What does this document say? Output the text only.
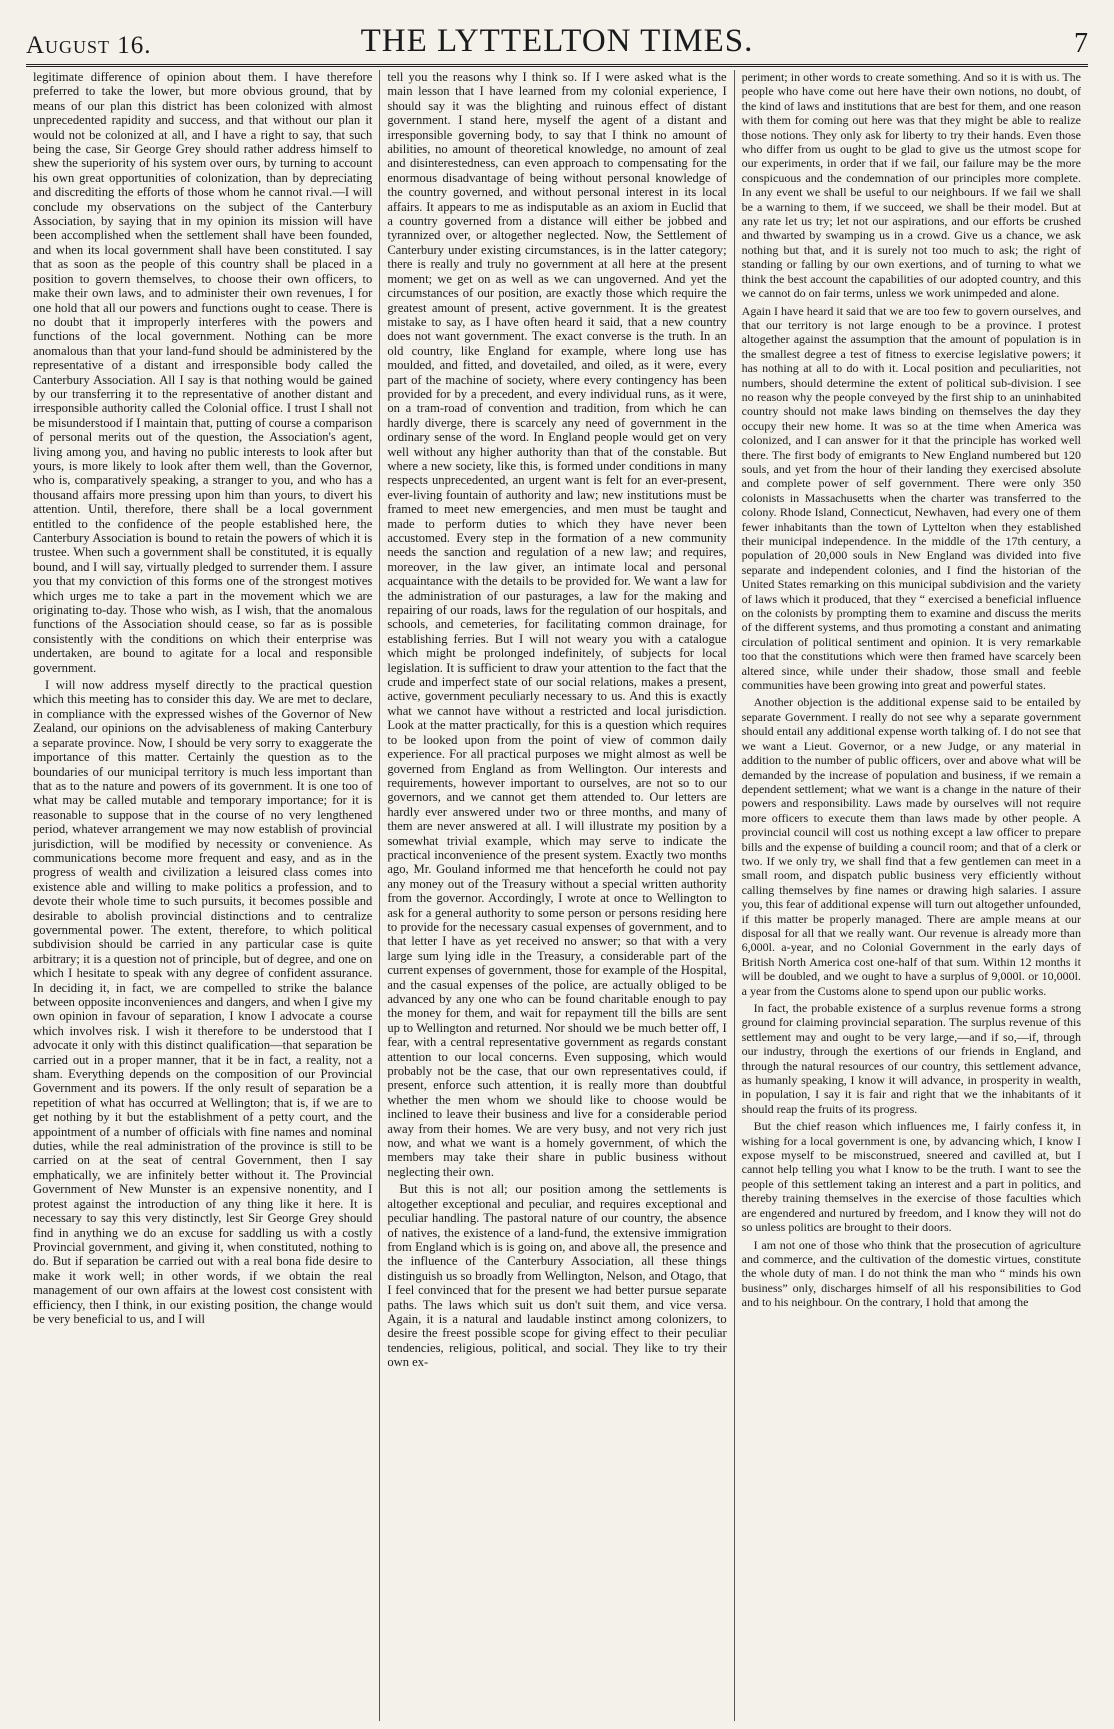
August 16.	THE LYTTELTON TIMES.	7

legitimate difference of opinion about them. I have therefore preferred to take the lower, but more obvious ground, that by means of our plan this district has been colonized with almost unprecedented rapidity and success, and that without our plan it would not be colonized at all, and I have a right to say, that such being the case, Sir George Grey should rather address himself to shew the superiority of his system over ours, by turning to account his own great opportunities of colonization, than by depreciating and discrediting the efforts of those whom he cannot rival.—I will conclude my observations on the subject of the Canterbury Association, by saying that in my opinion its mission will have been accomplished when the settlement shall have been founded, and when its local government shall have been constituted. I say that as soon as the people of this country shall be placed in a position to govern themselves, to choose their own officers, to make their own laws, and to administer their own revenues, I for one hold that all our powers and functions ought to cease. There is no doubt that it improperly interferes with the powers and functions of the local government. Nothing can be more anomalous than that your land-fund should be administered by the representative of a distant and irresponsible body called the Canterbury Association. All I say is that nothing would be gained by our transferring it to the representative of another distant and irresponsible authority called the Colonial office. I trust I shall not be misunderstood if I maintain that, putting of course a comparison of personal merits out of the question, the Association's agent, living among you, and having no public interests to look after but yours, is more likely to look after them well, than the Governor, who is, comparatively speaking, a stranger to you, and who has a thousand affairs more pressing upon him than yours, to divert his attention. Until, therefore, there shall be a local government entitled to the confidence of the people established here, the Canterbury Association is bound to retain the powers of which it is trustee. When such a government shall be constituted, it is equally bound, and I will say, virtually pledged to surrender them. I assure you that my conviction of this forms one of the strongest motives which urges me to take a part in the movement which we are originating to-day. Those who wish, as I wish, that the anomalous functions of the Association should cease, so far as is possible consistently with the conditions on which their enterprise was undertaken, are bound to agitate for a local and responsible government.

I will now address myself directly to the practical question which this meeting has to consider this day. We are met to declare, in compliance with the expressed wishes of the Governor of New Zealand, our opinions on the advisableness of making Canterbury a separate province. Now, I should be very sorry to exaggerate the importance of this matter. Certainly the question as to the boundaries of our municipal territory is much less important than that as to the nature and powers of its government. It is one too of what may be called mutable and temporary importance; for it is reasonable to suppose that in the course of no very lengthened period, whatever arrangement we may now establish of provincial jurisdiction, will be modified by necessity or convenience. As communications become more frequent and easy, and as in the progress of wealth and civilization a leisured class comes into existence able and willing to make politics a profession, and to devote their whole time to such pursuits, it becomes possible and desirable to abolish provincial distinctions and to centralize governmental power. The extent, therefore, to which political subdivision should be carried in any particular case is quite arbitrary; it is a question not of principle, but of degree, and one on which I hesitate to speak with any degree of confident assurance. In deciding it, in fact, we are compelled to strike the balance between opposite inconveniences and dangers, and when I give my own opinion in favour of separation, I know I advocate a course which involves risk. I wish it therefore to be understood that I advocate it only with this distinct qualification—that separation be carried out in a proper manner, that it be in fact, a reality, not a sham. Everything depends on the composition of our Provincial Government and its powers. If the only result of separation be a repetition of what has occurred at Wellington; that is, if we are to get nothing by it but the establishment of a petty court, and the appointment of a number of officials with fine names and nominal duties, while the real administration of the province is still to be carried on at the seat of central Government, then I say emphatically, we are infinitely better without it. The Provincial Government of New Munster is an expensive nonentity, and I protest against the introduction of any thing like it here. It is necessary to say this very distinctly, lest Sir George Grey should find in anything we do an excuse for saddling us with a costly Provincial government, and giving it, when constituted, nothing to do. But if separation be carried out with a real bona fide desire to make it work well; in other words, if we obtain the real management of our own affairs at the lowest cost consistent with efficiency, then I think, in our existing position, the change would be very beneficial to us, and I will

tell you the reasons why I think so. If I were asked what is the main lesson that I have learned from my colonial experience, I should say it was the blighting and ruinous effect of distant government. I stand here, myself the agent of a distant and irresponsible governing body, to say that I think no amount of abilities, no amount of theoretical knowledge, no amount of zeal and disinterestedness, can even approach to compensating for the enormous disadvantage of being without personal knowledge of the country governed, and without personal interest in its local affairs. It appears to me as indisputable as an axiom in Euclid that a country governed from a distance will either be jobbed and tyrannized over, or altogether neglected. Now, the Settlement of Canterbury under existing circumstances, is in the latter category; there is really and truly no government at all here at the present moment; we get on as well as we can ungoverned. And yet the circumstances of our position, are exactly those which require the greatest amount of present, active government. It is the greatest mistake to say, as I have often heard it said, that a new country does not want government. The exact converse is the truth. In an old country, like England for example, where long use has moulded, and fitted, and dovetailed, and oiled, as it were, every part of the machine of society, where every contingency has been provided for by a precedent, and every individual runs, as it were, on a tram-road of convention and tradition, from which he can hardly diverge, there is scarcely any need of government in the ordinary sense of the word. In England people would get on very well without any higher authority than that of the constable. But where a new society, like this, is formed under conditions in many respects unprecedented, an urgent want is felt for an ever-present, ever-living fountain of authority and law; new institutions must be framed to meet new emergencies, and men must be taught and made to perform duties to which they have never been accustomed. Every step in the formation of a new community needs the sanction and regulation of a new law; and requires, moreover, in the law giver, an intimate local and personal acquaintance with the details to be provided for. We want a law for the administration of our pasturages, a law for the making and repairing of our roads, laws for the regulation of our hospitals, and schools, and cemeteries, for facilitating common drainage, for establishing ferries. But I will not weary you with a catalogue which might be prolonged indefinitely, of subjects for local legislation. It is sufficient to draw your attention to the fact that the crude and imperfect state of our social relations, makes a present, active, government peculiarly necessary to us. And this is exactly what we cannot have without a restricted and local jurisdiction. Look at the matter practically, for this is a question which requires to be looked upon from the point of view of common daily experience. For all practical purposes we might almost as well be governed from England as from Wellington. Our interests and requirements, however important to ourselves, are not so to our governors, and we cannot get them attended to. Our letters are hardly ever answered under two or three months, and many of them are never answered at all. I will illustrate my position by a somewhat trivial example, which may serve to indicate the practical inconvenience of the present system. Exactly two months ago, Mr. Gouland informed me that henceforth he could not pay any money out of the Treasury without a special written authority from the governor. Accordingly, I wrote at once to Wellington to ask for a general authority to some person or persons residing here to provide for the necessary casual expenses of government, and to that letter I have as yet received no answer; so that with a very large sum lying idle in the Treasury, a considerable part of the current expenses of government, those for example of the Hospital, and the casual expenses of the police, are actually obliged to be advanced by any one who can be found charitable enough to pay the money for them, and wait for repayment till the bills are sent up to Wellington and returned. Nor should we be much better off, I fear, with a central representative government as regards constant attention to our local concerns. Even supposing, which would probably not be the case, that our own representatives could, if present, enforce such attention, it is really more than doubtful whether the men whom we should like to choose would be inclined to leave their business and live for a considerable period away from their homes. We are very busy, and not very rich just now, and what we want is a homely government, of which the members may take their share in public business without neglecting their own.

But this is not all; our position among the settlements is altogether exceptional and peculiar, and requires exceptional and peculiar handling. The pastoral nature of our country, the absence of natives, the existence of a land-fund, the extensive immigration from England which is is going on, and above all, the presence and the influence of the Canterbury Association, all these things distinguish us so broadly from Wellington, Nelson, and Otago, that I feel convinced that for the present we had better pursue separate paths. The laws which suit us don't suit them, and vice versa. Again, it is a natural and laudable instinct among colonizers, to desire the freest possible scope for giving effect to their peculiar tendencies, religious, political, and social. They like to try their own ex-

periment; in other words to create something. And so it is with us. The people who have come out here have their own notions, no doubt, of the kind of laws and institutions that are best for them, and one reason with them for coming out here was that they might be able to realize those notions. They only ask for liberty to try their hands. Even those who differ from us ought to be glad to give us the utmost scope for our experiments, in order that if we fail, our failure may be the more conspicuous and the condemnation of our principles more complete. In any event we shall be useful to our neighbours. If we fail we shall be a warning to them, if we succeed, we shall be their model. But at any rate let us try; let not our aspirations, and our efforts be crushed and thwarted by swamping us in a crowd. Give us a chance, we ask nothing but that, and it is surely not too much to ask; the right of standing or falling by our own exertions, and of turning to what we think the best account the capabilities of our adopted country, and this we cannot do on fair terms, unless we work unimpeded and alone.

Again I have heard it said that we are too few to govern ourselves, and that our territory is not large enough to be a province. I protest altogether against the assumption that the amount of population is in the smallest degree a test of fitness to exercise legislative powers; it has nothing at all to do with it. Local position and peculiarities, not numbers, should determine the extent of political sub-division. I see no reason why the people conveyed by the first ship to an uninhabited country should not make laws binding on themselves the day they occupy their new home. It was so at the time when America was colonized, and I can answer for it that the principle has worked well there. The first body of emigrants to New England numbered but 120 souls, and yet from the hour of their landing they exercised absolute and complete power of self government. There were only 350 colonists in Massachusetts when the charter was transferred to the colony. Rhode Island, Connecticut, Newhaven, had every one of them fewer inhabitants than the town of Lyttelton when they established their municipal independence. In the middle of the 17th century, a population of 20,000 souls in New England was divided into five separate and independent colonies, and I find the historian of the United States remarking on this municipal subdivision and the variety of laws which it produced, that they “ exercised a beneficial influence on the colonists by prompting them to examine and discuss the merits of the different systems, and thus promoting a constant and animating circulation of political sentiment and opinion. It is very remarkable too that the constitutions which were then framed have scarcely been altered since, while under their shadow, those small and feeble communities have been growing into great and powerful states.

Another objection is the additional expense said to be entailed by separate Government. I really do not see why a separate government should entail any additional expense worth talking of. I do not see that we want a Lieut. Governor, or a new Judge, or any material in addition to the number of public officers, over and above what will be demanded by the increase of population and business, if we remain a dependent settlement; what we want is a change in the nature of their powers and responsibility. Laws made by ourselves will not require more officers to execute them than laws made by other people. A provincial council will cost us nothing except a law officer to prepare bills and the expense of building a council room; and that of a clerk or two. If we only try, we shall find that a few gentlemen can meet in a small room, and dispatch public business very efficiently without calling themselves by fine names or drawing high salaries. I assure you, this fear of additional expense will turn out altogether unfounded, if this matter be properly managed. There are ample means at our disposal for all that we really want. Our revenue is already more than 6,000l. a-year, and no Colonial Government in the early days of British North America cost one-half of that sum. Within 12 months it will be doubled, and we ought to have a surplus of 9,000l. or 10,000l. a year from the Customs alone to spend upon our public works.

In fact, the probable existence of a surplus revenue forms a strong ground for claiming provincial separation. The surplus revenue of this settlement may and ought to be very large,—and if so,—if, through our industry, through the exertions of our friends in England, and through the natural resources of our country, this settlement advance, as humanly speaking, I know it will advance, in prosperity in wealth, in population, I say it is fair and right that we the inhabitants of it should reap the fruits of its progress.

But the chief reason which influences me, I fairly confess it, in wishing for a local government is one, by advancing which, I know I expose myself to be misconstrued, sneered and cavilled at, but I cannot help telling you what I know to be the truth. I want to see the people of this settlement taking an interest and a part in politics, and thereby training themselves in the exercise of those faculties which are engendered and nurtured by freedom, and I know they will not do so unless politics are brought to their doors.

I am not one of those who think that the prosecution of agriculture and commerce, and the cultivation of the domestic virtues, constitute the whole duty of man. I do not think the man who “ minds his own business” only, discharges himself of all his responsibilities to God and to his neighbour. On the contrary, I hold that among the
